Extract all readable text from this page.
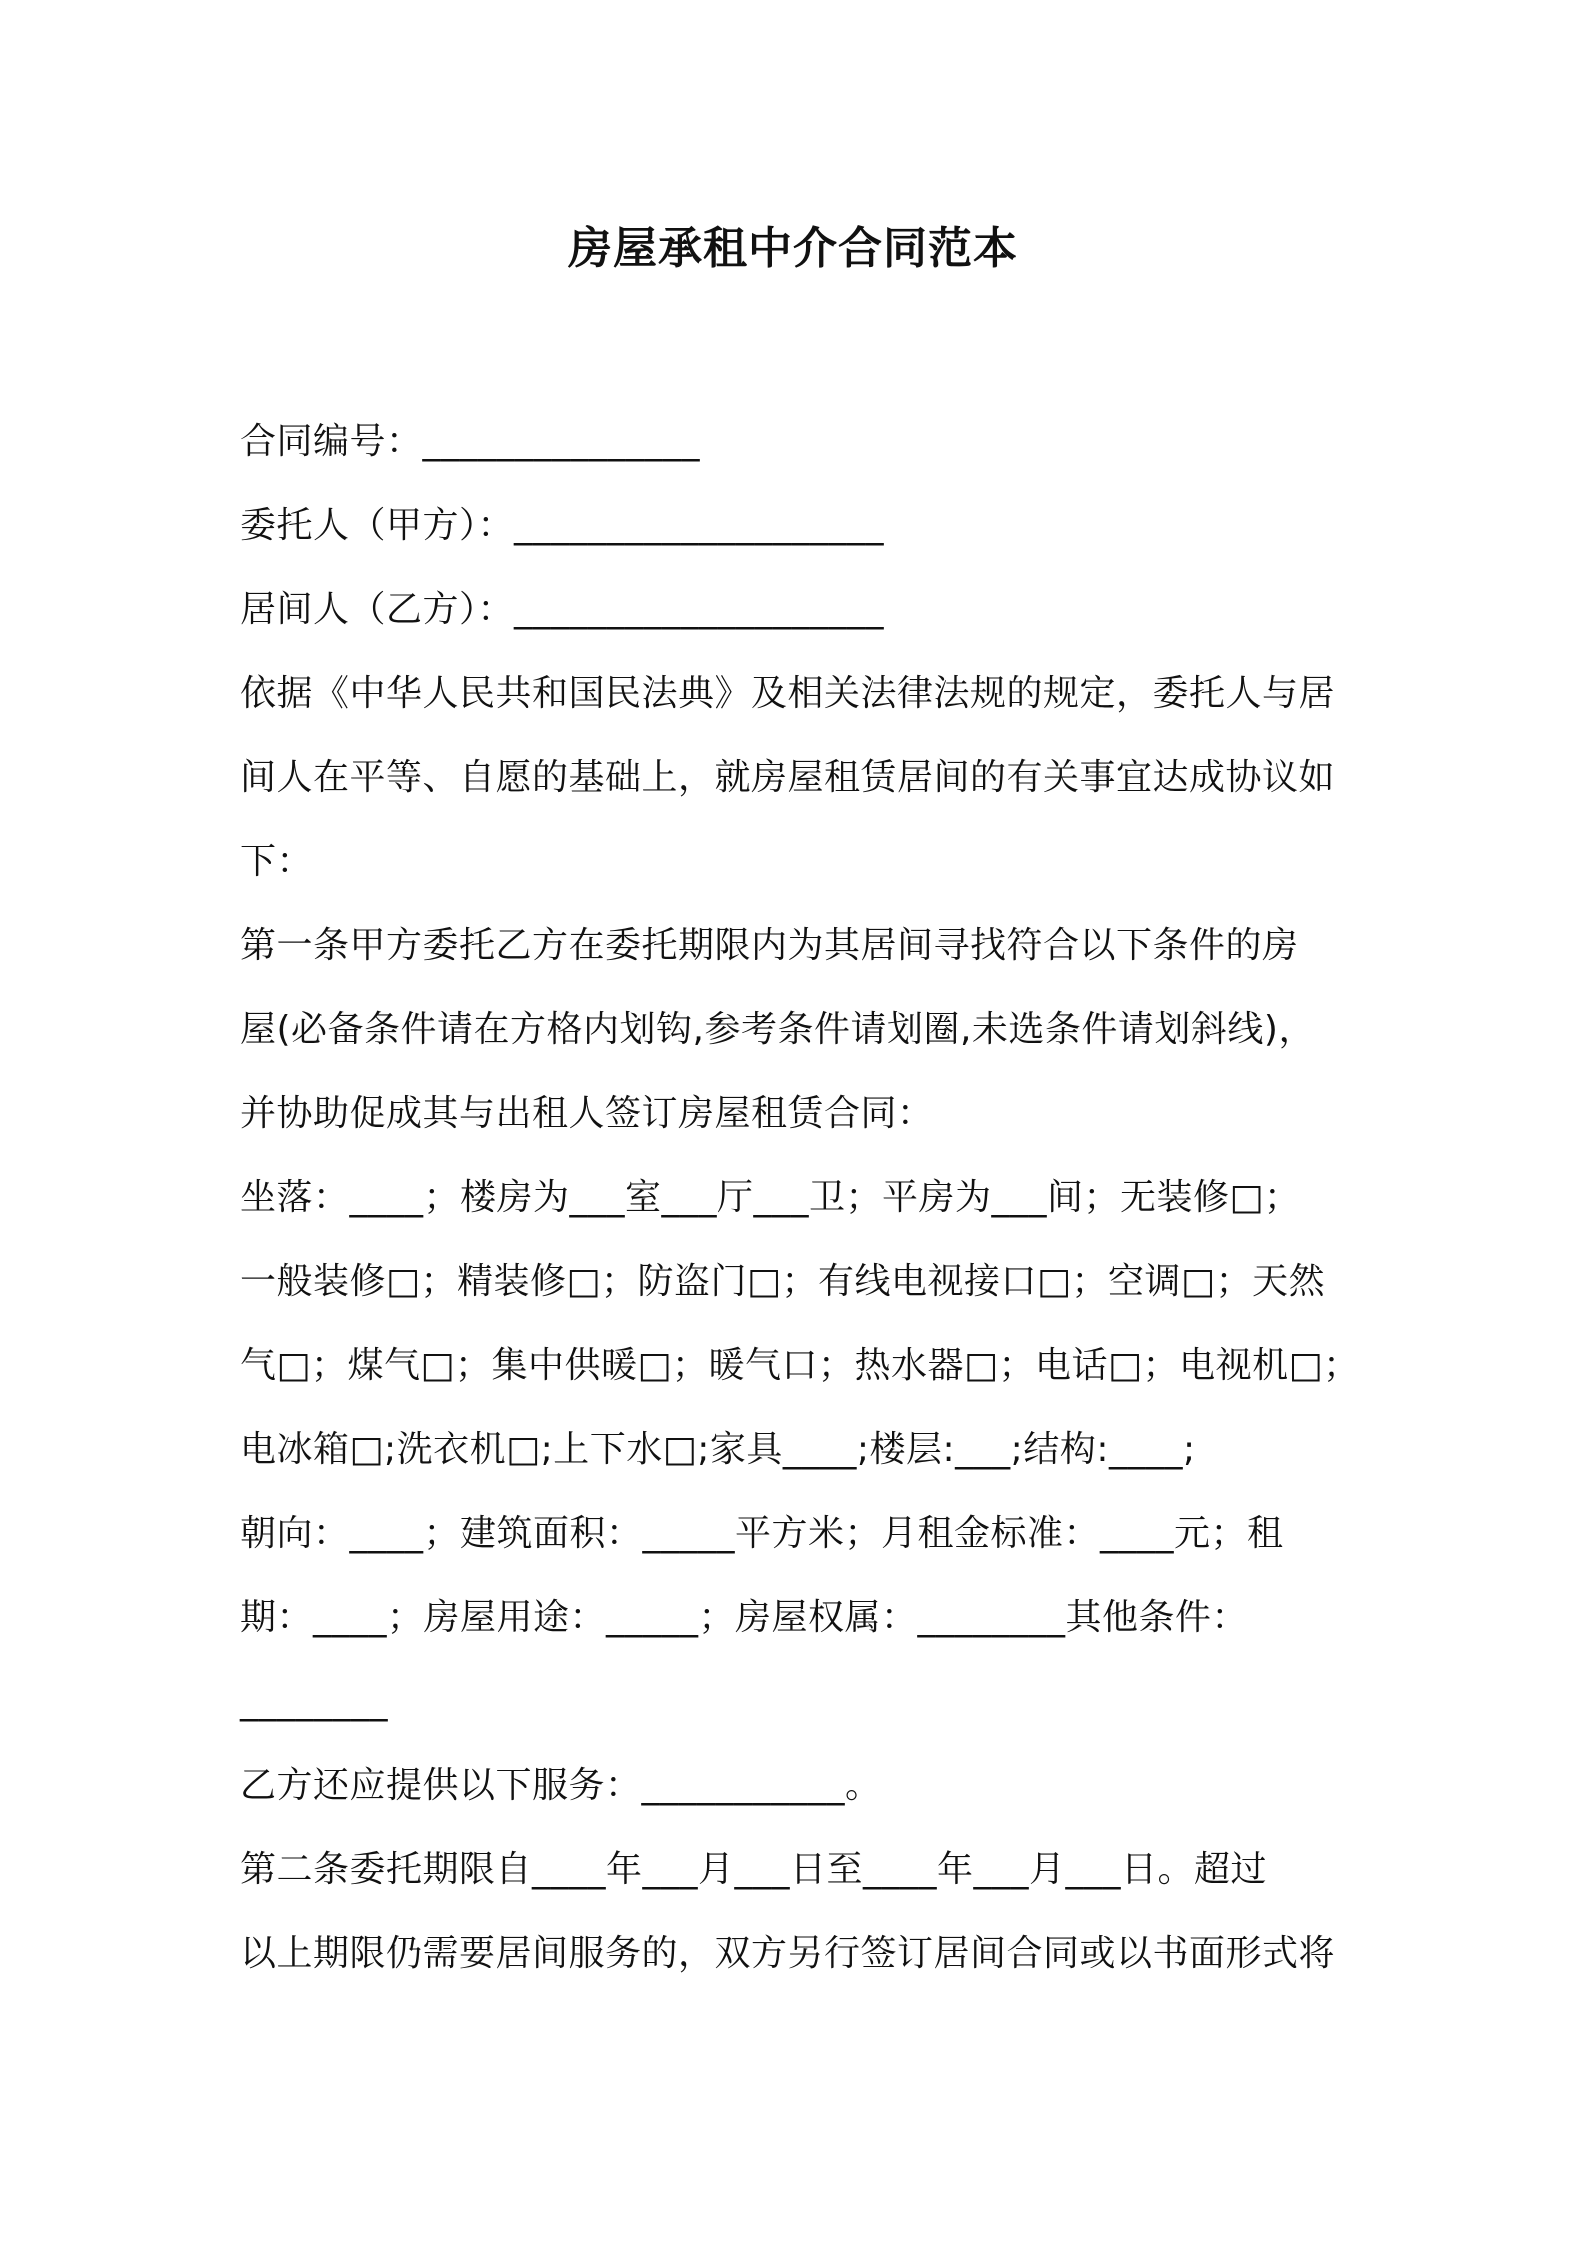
房屋承租中介合同范本
合同编号：_______________
委托人（甲方）：____________________
居间人（乙方）：____________________
依据《中华人民共和国民法典》及相关法律法规的规定，委托人与居
间人在平等、自愿的基础上，就房屋租赁居间的有关事宜达成协议如
下：
第一条甲方委托乙方在委托期限内为其居间寻找符合以下条件的房
屋(必备条件请在方格内划钩,参考条件请划圈,未选条件请划斜线)，
并协助促成其与出租人签订房屋租赁合同：
坐落：____；楼房为___室___厅___卫；平房为___间；无装修□；
一般装修□；精装修□；防盗门□；有线电视接口□；空调□；天然
气□；煤气□；集中供暖□；暖气口；热水器□；电话□；电视机□；
电冰箱□;洗衣机□;上下水□;家具____;楼层:___;结构:____;
朝向：____；建筑面积：_____平方米；月租金标准：____元；租
期：____；房屋用途：_____；房屋权属：________其他条件：
________
乙方还应提供以下服务：___________。
第二条委托期限自____年___月___日至____年___月___日。超过
以上期限仍需要居间服务的，双方另行签订居间合同或以书面形式将
